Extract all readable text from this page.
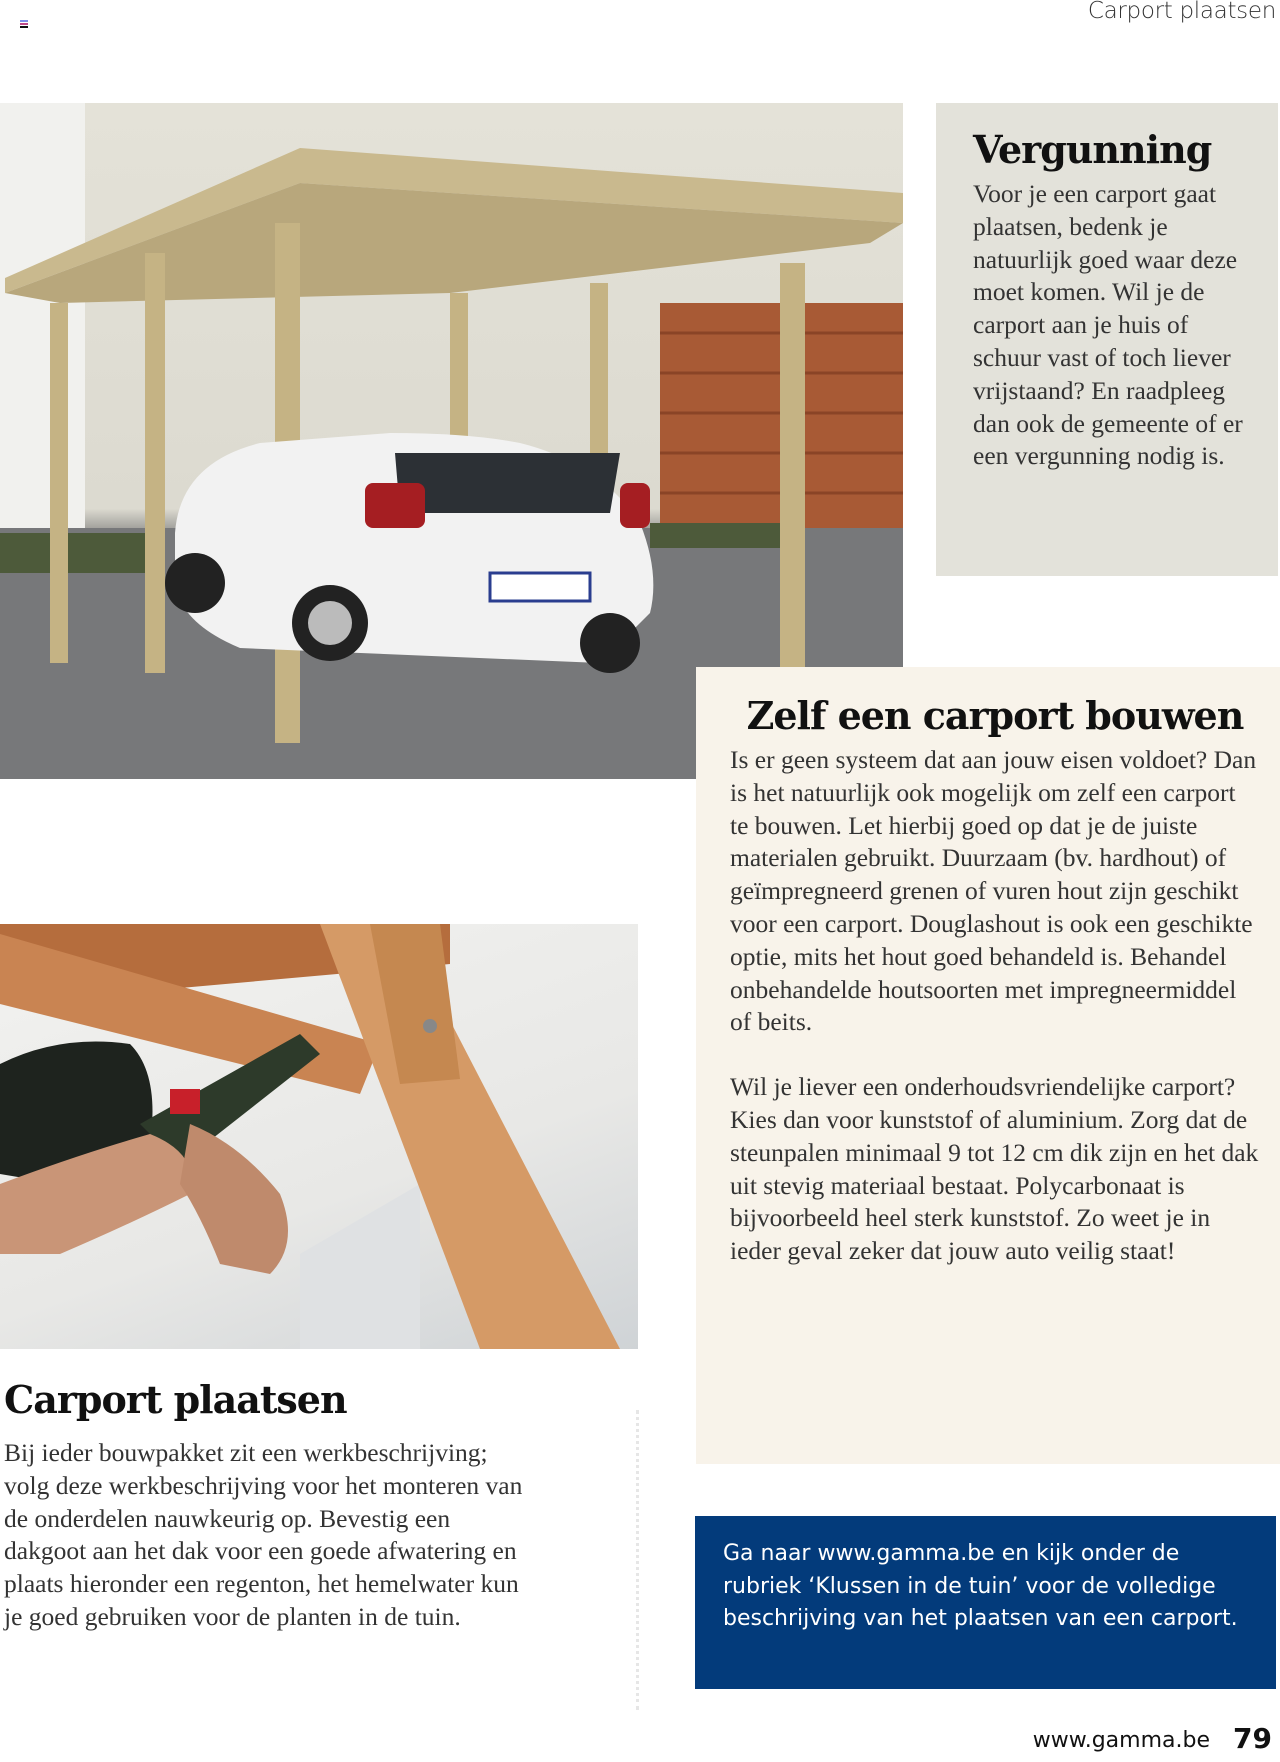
Carport plaatsen
Vergunning

Voor je een carport gaat plaatsen, bedenk je natuurlijk goed waar deze moet komen. Wil je de carport aan je huis of schuur vast of toch liever vrijstaand? En raadpleeg dan ook de gemeente of er een vergunning nodig is.

Zelf een carport bouwen

Is er geen systeem dat aan jouw eisen voldoet? Dan is het natuurlijk ook mogelijk om zelf een carport te bouwen. Let hierbij goed op dat je de juiste materialen gebruikt. Duurzaam (bv. hardhout) of geïmpregneerd grenen of vuren hout zijn geschikt voor een carport. Douglashout is ook een geschikte optie, mits het hout goed behandeld is. Behandel onbehandelde houtsoorten met impregneermiddel of beits.

Wil je liever een onderhoudsvriendelijke carport? Kies dan voor kunststof of aluminium. Zorg dat de steunpalen minimaal 9 tot 12 cm dik zijn en het dak uit stevig materiaal bestaat. Polycarbonaat is bijvoorbeeld heel sterk kunststof. Zo weet je in ieder geval zeker dat jouw auto veilig staat!

Carport plaatsen

Bij ieder bouwpakket zit een werkbeschrijving; volg deze werkbeschrijving voor het monteren van de onderdelen nauwkeurig op. Bevestig een dakgoot aan het dak voor een goede afwatering en plaats hieronder een regenton, het hemelwater kun je goed gebruiken voor de planten in de tuin.

Ga naar www.gamma.be en kijk onder de rubriek ‘Klussen in de tuin’ voor de volledige beschrijving van het plaatsen van een carport.

www.gamma.be 79
